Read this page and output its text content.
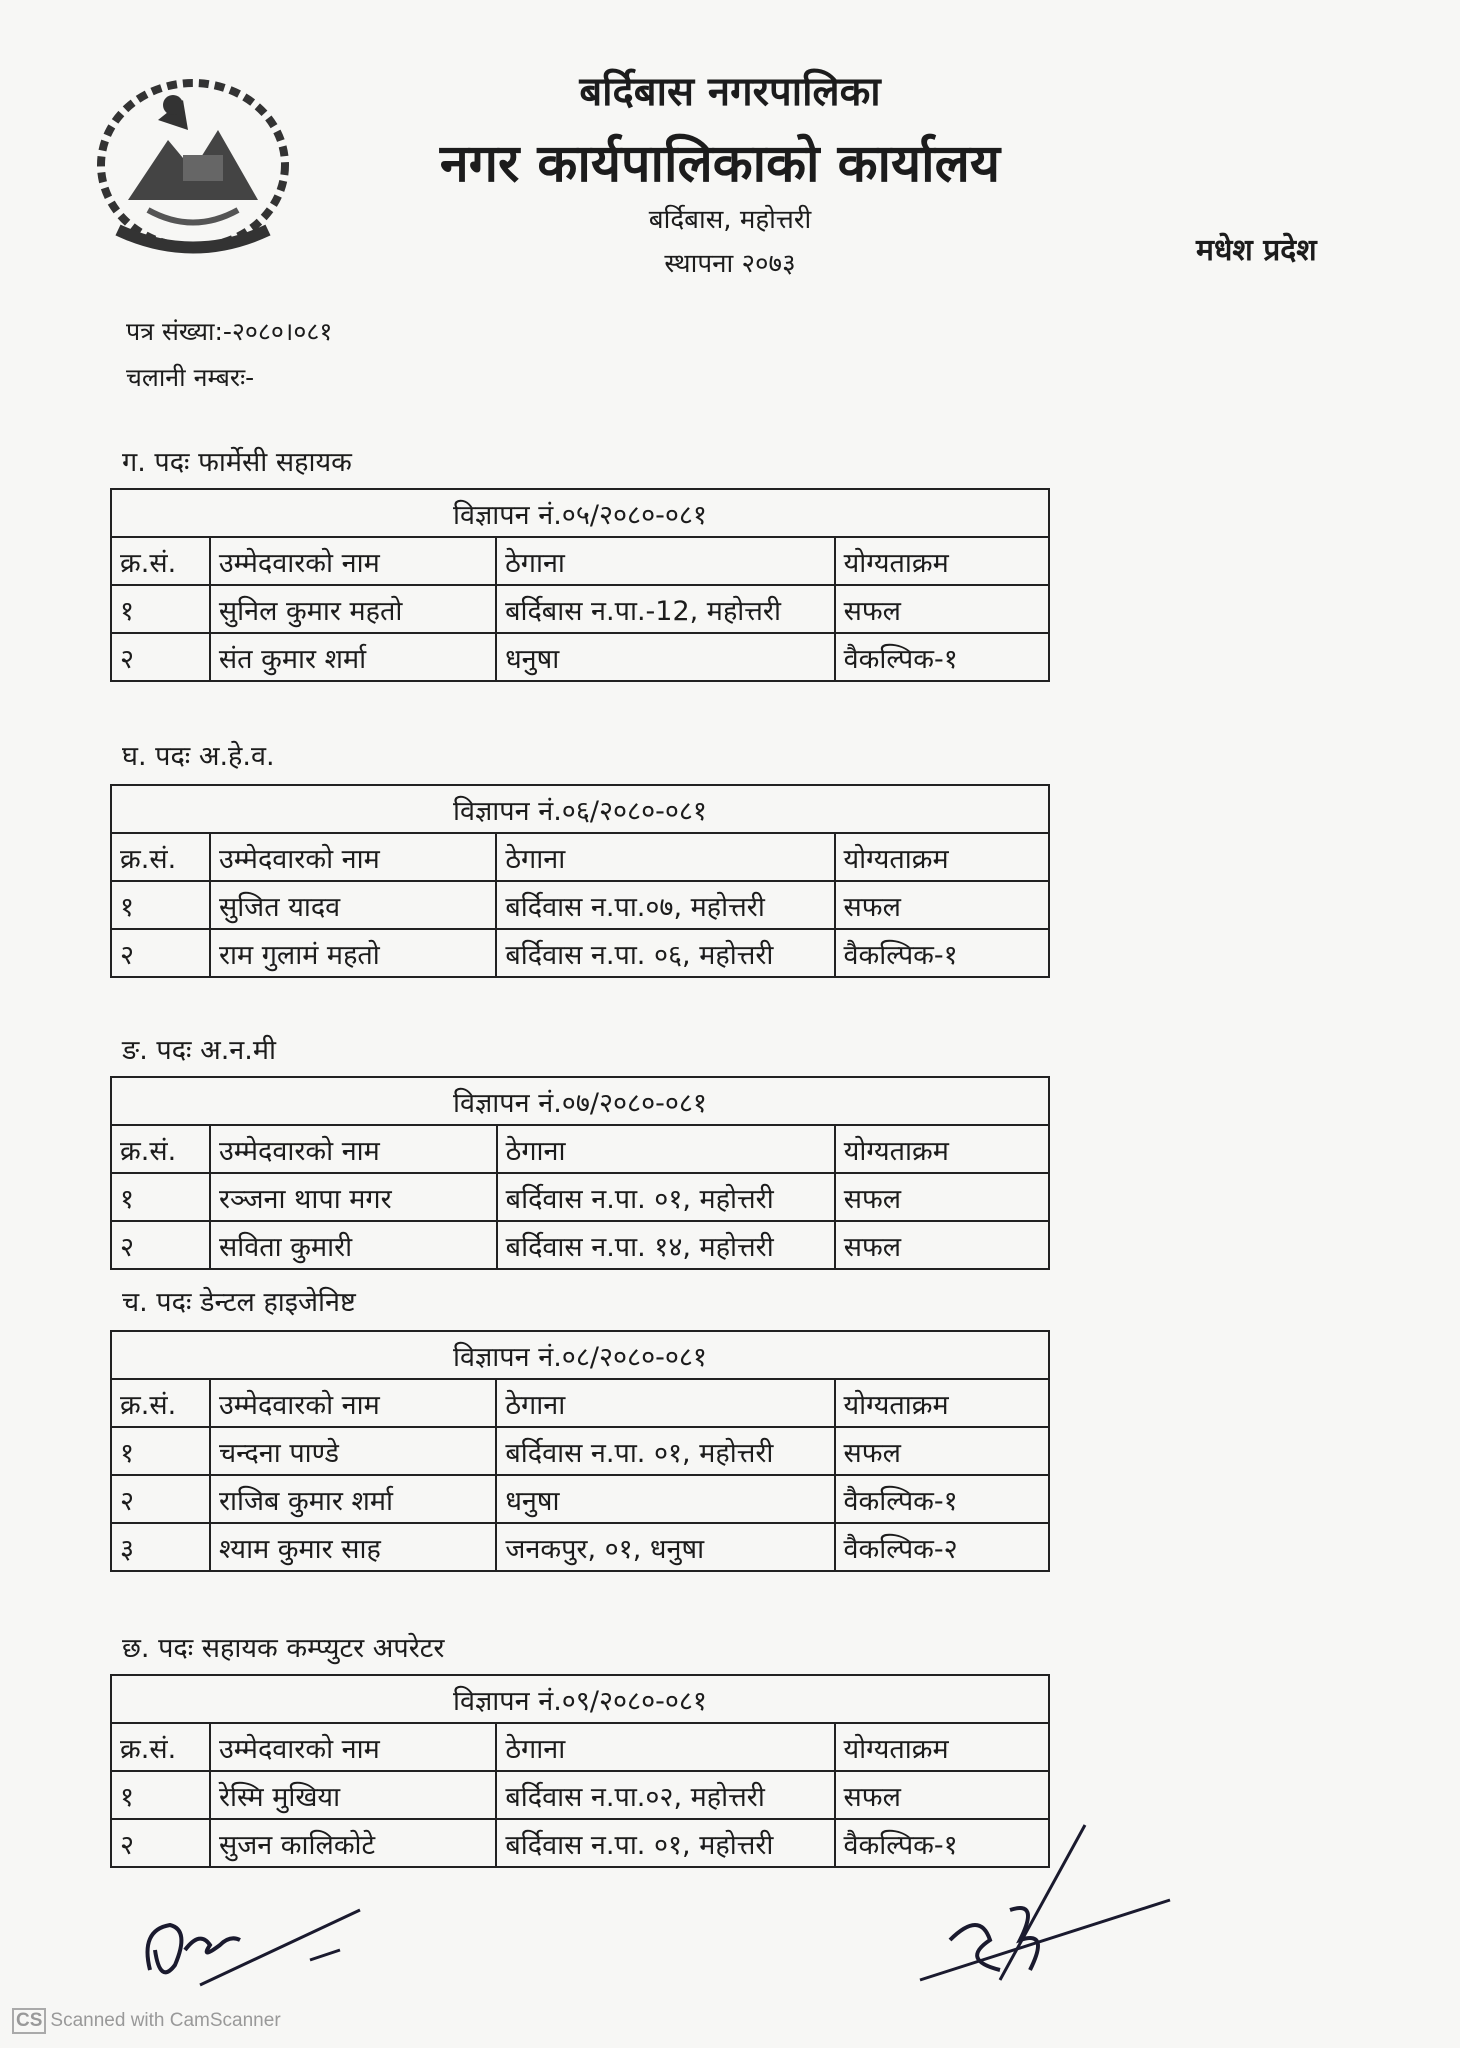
बर्दिबास नगरपालिका
नगर कार्यपालिकाको कार्यालय
बर्दिबास, महोत्तरी
स्थापना २०७३	मधेश प्रदेश
पत्र संख्या:-२०८०।०८१
चलानी नम्बरः-
ग. पदः फार्मेसी सहायक
विज्ञापन नं.०५/२०८०-०८१			
क्र.सं.	उम्मेदवारको नाम	ठेगाना	योग्यताक्रम
१	सुनिल कुमार महतो	बर्दिबास न.पा.-12, महोत्तरी	सफल
२	संत कुमार शर्मा	धनुषा	वैकल्पिक-१
घ. पदः अ.हे.व.
विज्ञापन नं.०६/२०८०-०८१			
क्र.सं.	उम्मेदवारको नाम	ठेगाना	योग्यताक्रम
१	सुजित यादव	बर्दिवास न.पा.०७, महोत्तरी	सफल
२	राम गुलामं महतो	बर्दिवास न.पा. ०६, महोत्तरी	वैकल्पिक-१
ङ. पदः अ.न.मी
विज्ञापन नं.०७/२०८०-०८१			
क्र.सं.	उम्मेदवारको नाम	ठेगाना	योग्यताक्रम
१	रञ्जना थापा मगर	बर्दिवास न.पा. ०१, महोत्तरी	सफल
२	सविता कुमारी	बर्दिवास न.पा. १४, महोत्तरी	सफल
च. पदः डेन्टल हाइजेनिष्ट
विज्ञापन नं.०८/२०८०-०८१			
क्र.सं.	उम्मेदवारको नाम	ठेगाना	योग्यताक्रम
१	चन्दना पाण्डे	बर्दिवास न.पा. ०१, महोत्तरी	सफल
२	राजिब कुमार शर्मा	धनुषा	वैकल्पिक-१
३	श्याम कुमार साह	जनकपुर, ०१, धनुषा	वैकल्पिक-२
छ. पदः सहायक कम्प्युटर अपरेटर
विज्ञापन नं.०९/२०८०-०८१			
क्र.सं.	उम्मेदवारको नाम	ठेगाना	योग्यताक्रम
१	रेस्मि मुखिया	बर्दिवास न.पा.०२, महोत्तरी	सफल
२	सुजन कालिकोटे	बर्दिवास न.पा. ०१, महोत्तरी	वैकल्पिक-१
CS Scanned with CamScanner
